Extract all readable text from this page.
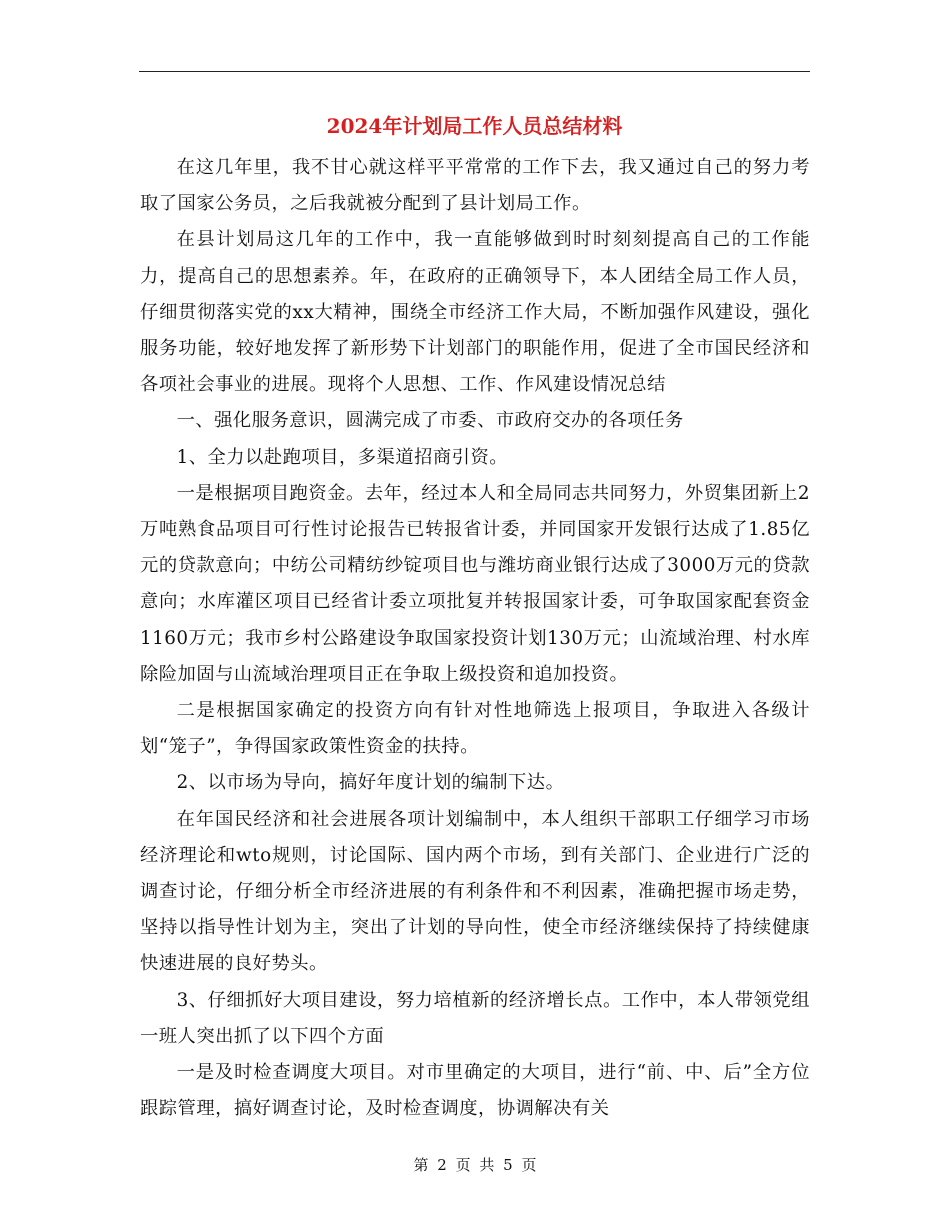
2024年计划局工作人员总结材料

在这几年里，我不甘心就这样平平常常的工作下去，我又通过自己的努力考取了国家公务员，之后我就被分配到了县计划局工作。

在县计划局这几年的工作中，我一直能够做到时时刻刻提高自己的工作能力，提高自己的思想素养。年，在政府的正确领导下，本人团结全局工作人员，仔细贯彻落实党的xx大精神，围绕全市经济工作大局，不断加强作风建设，强化服务功能，较好地发挥了新形势下计划部门的职能作用，促进了全市国民经济和各项社会事业的进展。现将个人思想、工作、作风建设情况总结

一、强化服务意识，圆满完成了市委、市政府交办的各项任务

1、全力以赴跑项目，多渠道招商引资。

一是根据项目跑资金。去年，经过本人和全局同志共同努力，外贸集团新上2万吨熟食品项目可行性讨论报告已转报省计委，并同国家开发银行达成了1.85亿元的贷款意向；中纺公司精纺纱锭项目也与潍坊商业银行达成了3000万元的贷款意向；水库灌区项目已经省计委立项批复并转报国家计委，可争取国家配套资金1160万元；我市乡村公路建设争取国家投资计划130万元；山流域治理、村水库除险加固与山流域治理项目正在争取上级投资和追加投资。

二是根据国家确定的投资方向有针对性地筛选上报项目，争取进入各级计划“笼子”，争得国家政策性资金的扶持。

2、以市场为导向，搞好年度计划的编制下达。

在年国民经济和社会进展各项计划编制中，本人组织干部职工仔细学习市场经济理论和wto规则，讨论国际、国内两个市场，到有关部门、企业进行广泛的调查讨论，仔细分析全市经济进展的有利条件和不利因素，准确把握市场走势，坚持以指导性计划为主，突出了计划的导向性，使全市经济继续保持了持续健康快速进展的良好势头。

3、仔细抓好大项目建设，努力培植新的经济增长点。工作中，本人带领党组一班人突出抓了以下四个方面

一是及时检查调度大项目。对市里确定的大项目，进行“前、中、后”全方位跟踪管理，搞好调查讨论，及时检查调度，协调解决有关

第 2 页 共 5 页
